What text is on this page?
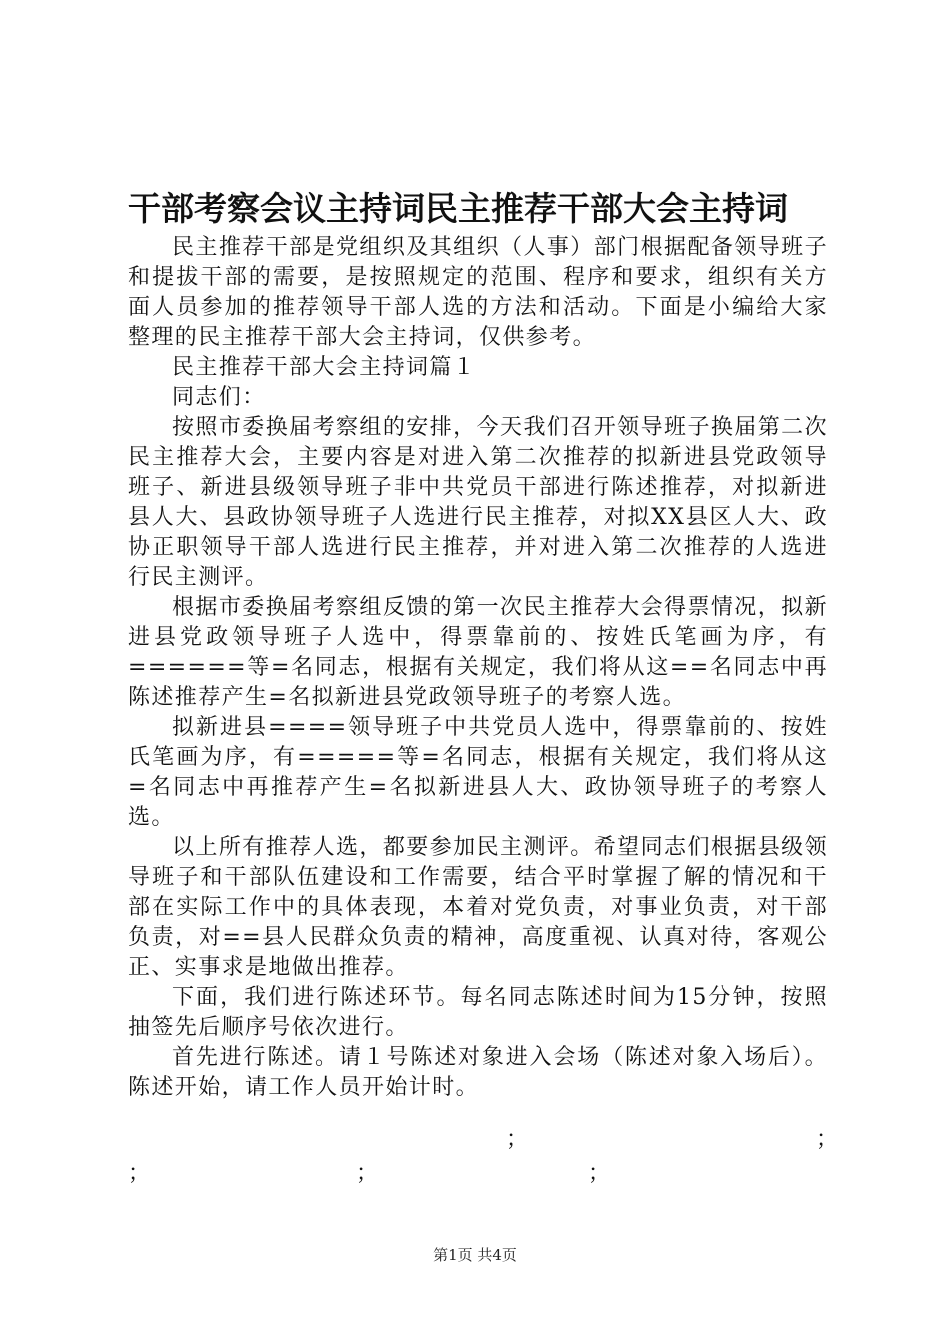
干部考察会议主持词民主推荐干部大会主持词

民主推荐干部是党组织及其组织（人事）部门根据配备领导班子和提拔干部的需要，是按照规定的范围、程序和要求，组织有关方面人员参加的推荐领导干部人选的方法和活动。下面是小编给大家整理的民主推荐干部大会主持词，仅供参考。

民主推荐干部大会主持词篇１

同志们：

按照市委换届考察组的安排，今天我们召开领导班子换届第二次民主推荐大会，主要内容是对进入第二次推荐的拟新进县党政领导班子、新进县级领导班子非中共党员干部进行陈述推荐，对拟新进县人大、县政协领导班子人选进行民主推荐，对拟XX县区人大、政协正职领导干部人选进行民主推荐，并对进入第二次推荐的人选进行民主测评。

根据市委换届考察组反馈的第一次民主推荐大会得票情况，拟新进县党政领导班子人选中，得票靠前的、按姓氏笔画为序，有======等=名同志，根据有关规定，我们将从这==名同志中再陈述推荐产生=名拟新进县党政领导班子的考察人选。

拟新进县====领导班子中共党员人选中，得票靠前的、按姓氏笔画为序，有=====等=名同志，根据有关规定，我们将从这=名同志中再推荐产生=名拟新进县人大、政协领导班子的考察人选。

以上所有推荐人选，都要参加民主测评。希望同志们根据县级领导班子和干部队伍建设和工作需要，结合平时掌握了解的情况和干部在实际工作中的具体表现，本着对党负责，对事业负责，对干部负责，对==县人民群众负责的精神，高度重视、认真对待，客观公正、实事求是地做出推荐。

下面，我们进行陈述环节。每名同志陈述时间为15分钟，按照抽签先后顺序号依次进行。

首先进行陈述。请１号陈述对象进入会场（陈述对象入场后）。陈述开始，请工作人员开始计时。

；	；
；	；	；
第1页 共4页
